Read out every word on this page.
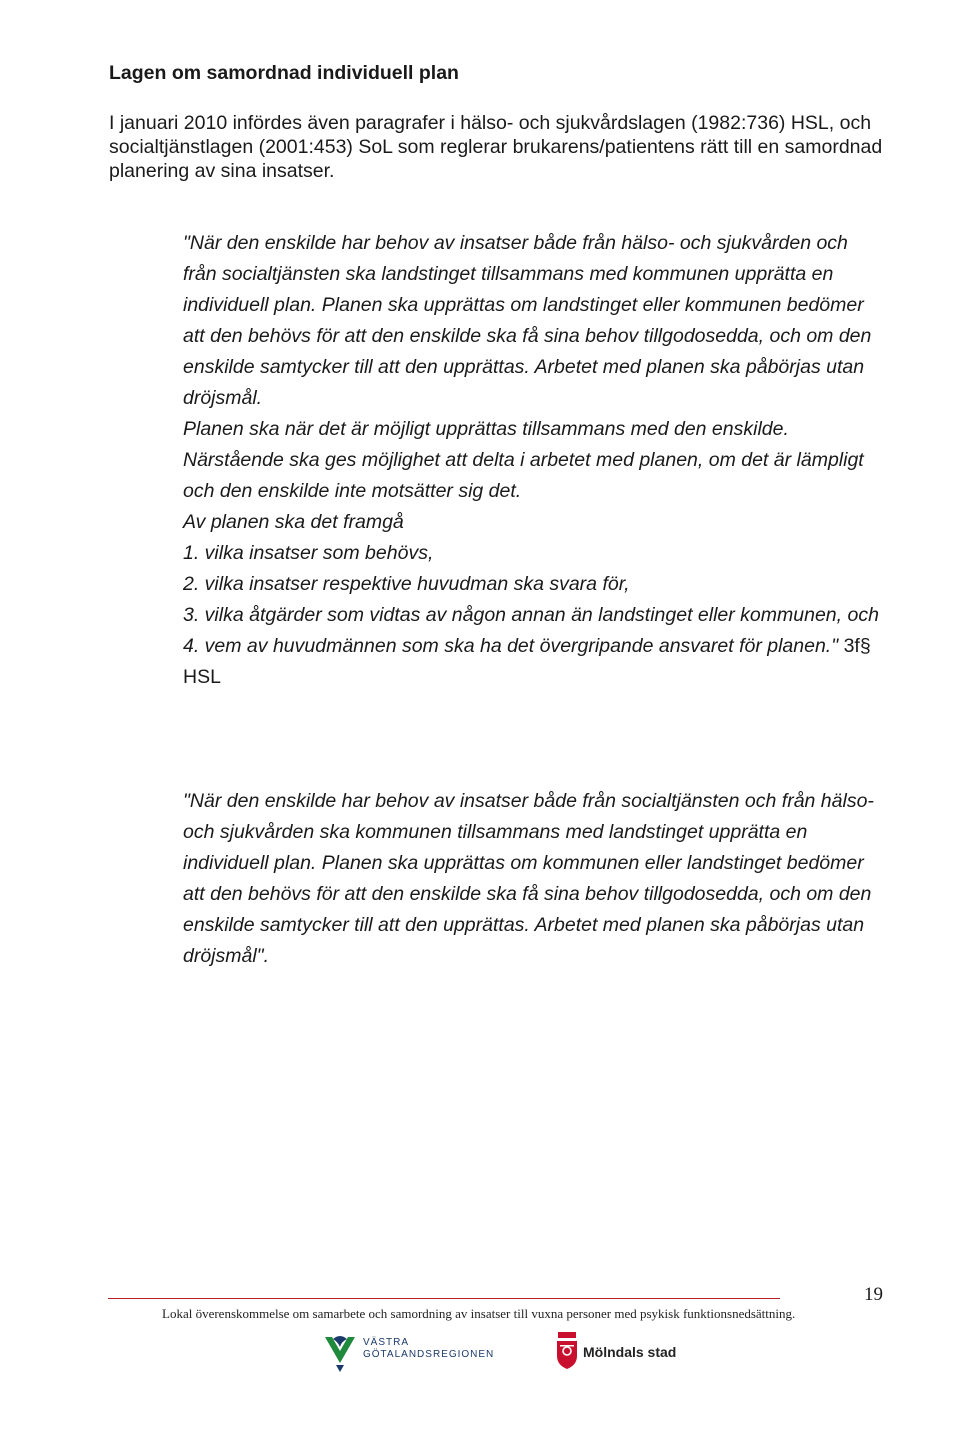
Lagen om samordnad individuell plan

I januari 2010 infördes även paragrafer i hälso- och sjukvårdslagen (1982:736) HSL, och socialtjänstlagen (2001:453) SoL som reglerar brukarens/patientens rätt till en samordnad planering av sina insatser.

"När den enskilde har behov av insatser både från hälso- och sjukvården och från socialtjänsten ska landstinget tillsammans med kommunen upprätta en individuell plan. Planen ska upprättas om landstinget eller kommunen bedömer att den behövs för att den enskilde ska få sina behov tillgodosedda, och om den enskilde samtycker till att den upprättas. Arbetet med planen ska påbörjas utan dröjsmål.

Planen ska när det är möjligt upprättas tillsammans med den enskilde. Närstående ska ges möjlighet att delta i arbetet med planen, om det är lämpligt och den enskilde inte motsätter sig det.

Av planen ska det framgå

1. vilka insatser som behövs,

2. vilka insatser respektive huvudman ska svara för,

3. vilka åtgärder som vidtas av någon annan än landstinget eller kommunen, och

4. vem av huvudmännen som ska ha det övergripande ansvaret för planen." 3f§ HSL

"När den enskilde har behov av insatser både från socialtjänsten och från hälso- och sjukvården ska kommunen tillsammans med landstinget upprätta en individuell plan. Planen ska upprättas om kommunen eller landstinget bedömer att den behövs för att den enskilde ska få sina behov tillgodosedda, och om den enskilde samtycker till att den upprättas. Arbetet med planen ska påbörjas utan dröjsmål".

19
Lokal överenskommelse om samarbete och samordning av insatser till vuxna personer med psykisk funktionsnedsättning.
VÄSTRA
GÖTALANDSREGIONEN	Mölndals stad
